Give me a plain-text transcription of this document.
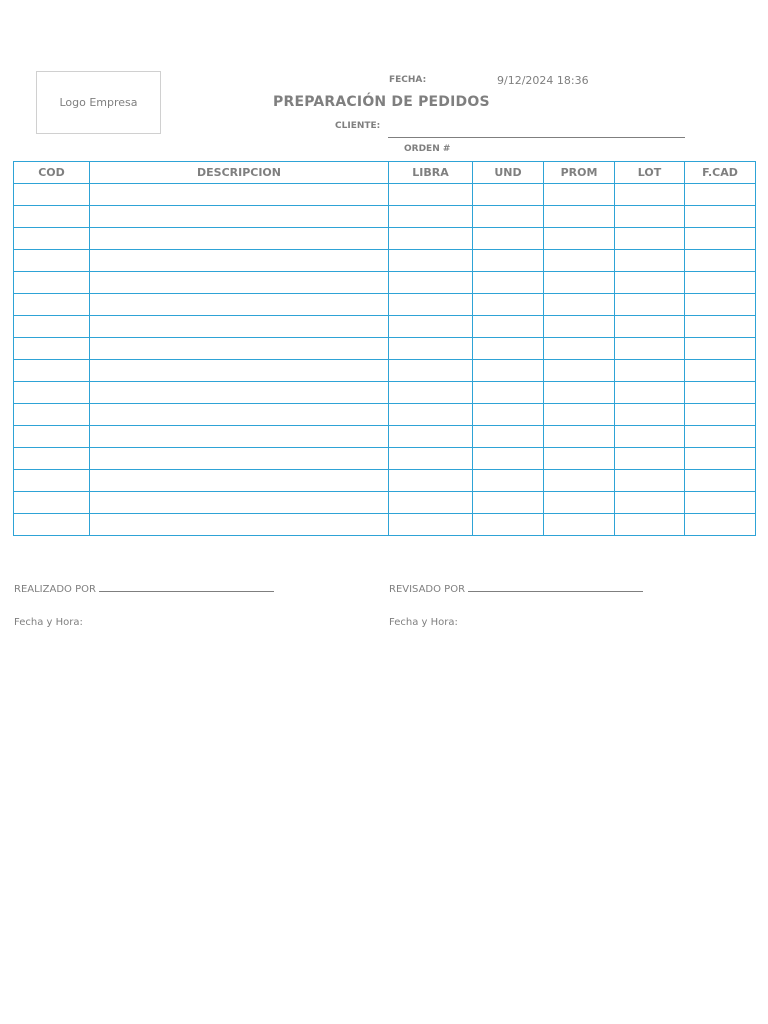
Logo Empresa
FECHA:	9/12/2024 18:36
PREPARACIÓN DE PEDIDOS
CLIENTE:
ORDEN #
COD	DESCRIPCION	LIBRA	UND	PROM	LOT	F.CAD

REALIZADO POR	REVISADO POR
Fecha y Hora:	Fecha y Hora:
